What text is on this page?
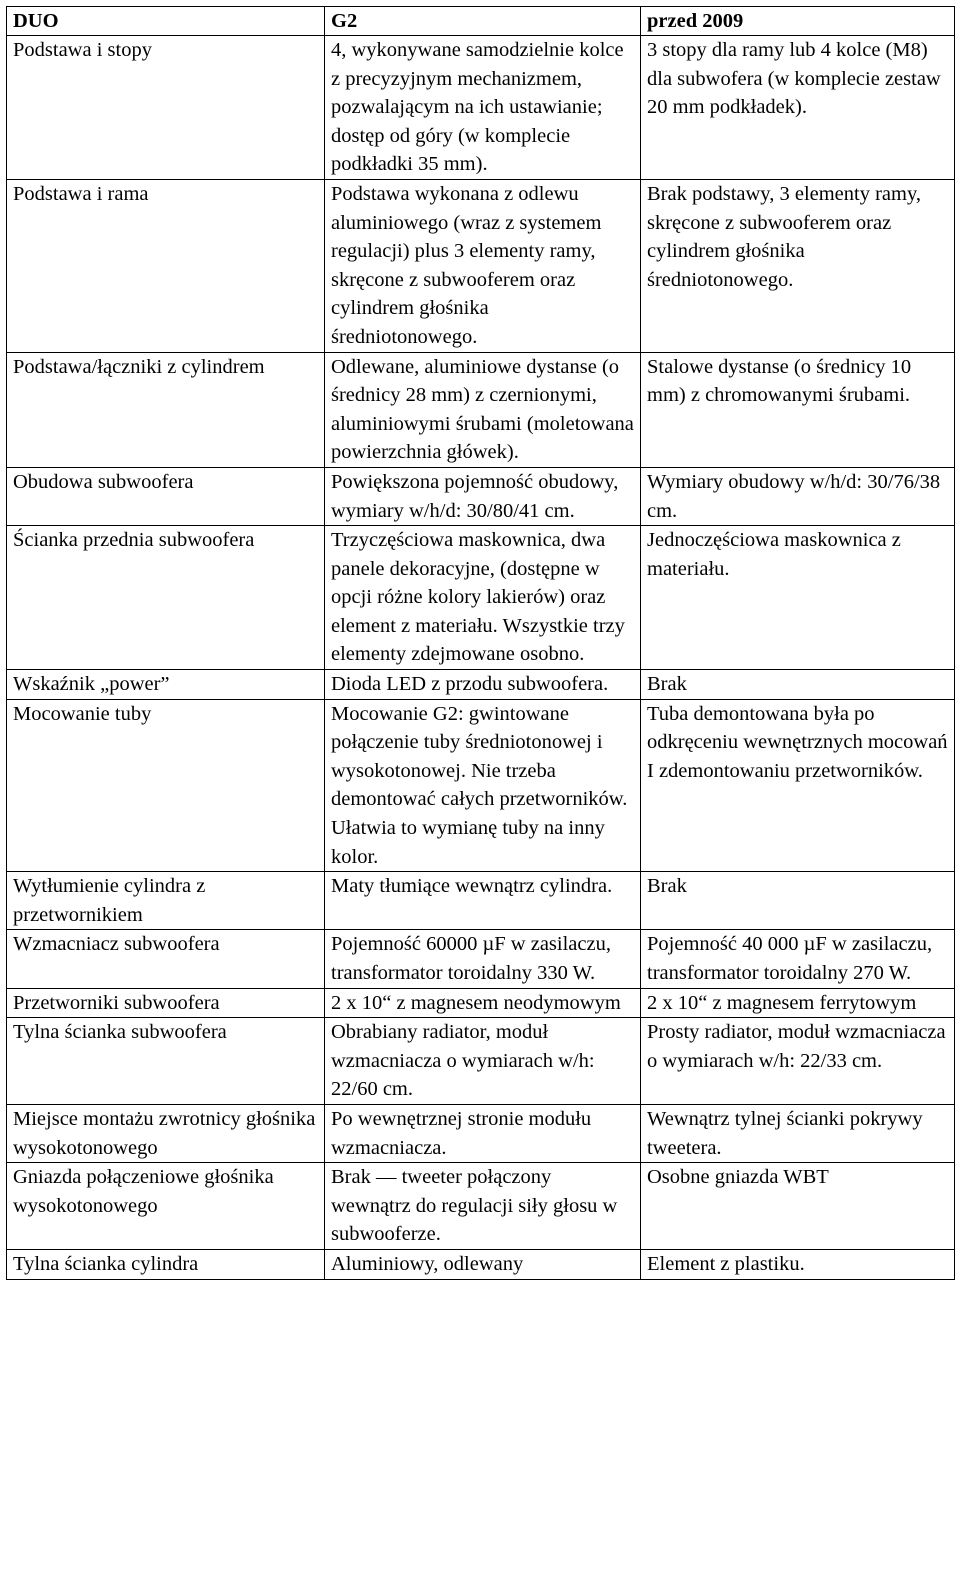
DUO	G2	przed 2009
Podstawa i stopy	4, wykonywane samodzielnie kolce z precyzyjnym mechanizmem, pozwalającym na ich ustawianie; dostęp od góry (w komplecie podkładki 35 mm).	3 stopy dla ramy lub 4 kolce (M8) dla subwofera (w komplecie zestaw 20 mm podkładek).
Podstawa i rama	Podstawa wykonana z odlewu aluminiowego (wraz z systemem regulacji) plus 3 elementy ramy, skręcone z subwooferem oraz cylindrem głośnika średniotonowego.	Brak podstawy, 3 elementy ramy, skręcone z subwooferem oraz cylindrem głośnika średniotonowego.
Podstawa/łączniki z cylindrem	Odlewane, aluminiowe dystanse (o średnicy 28 mm) z czernionymi, aluminiowymi śrubami (moletowana powierzchnia główek).	Stalowe dystanse (o średnicy 10 mm) z chromowanymi śrubami.
Obudowa subwoofera	Powiększona pojemność obudowy, wymiary w/h/d: 30/80/41 cm.	Wymiary obudowy w/h/d: 30/76/38 cm.
Ścianka przednia subwoofera	Trzyczęściowa maskownica, dwa panele dekoracyjne, (dostępne w opcji różne kolory lakierów) oraz element z materiału. Wszystkie trzy elementy zdejmowane osobno.	Jednoczęściowa maskownica z materiału.
Wskaźnik „power”	Dioda LED z przodu subwoofera.	Brak
Mocowanie tuby	Mocowanie G2: gwintowane połączenie tuby średniotonowej i wysokotonowej. Nie trzeba demontować całych przetworników. Ułatwia to wymianę tuby na inny kolor.	Tuba demontowana była po odkręceniu wewnętrznych mocowań I zdemontowaniu przetworników.
Wytłumienie cylindra z przetwornikiem	Maty tłumiące wewnątrz cylindra.	Brak
Wzmacniacz subwoofera	Pojemność 60000 µF w zasilaczu, transformator toroidalny 330 W.	Pojemność 40 000 µF w zasilaczu, transformator toroidalny 270 W.
Przetworniki subwoofera	2 x 10“ z magnesem neodymowym	2 x 10“ z magnesem ferrytowym
Tylna ścianka subwoofera	Obrabiany radiator, moduł wzmacniacza o wymiarach w/h: 22/60 cm.	Prosty radiator, moduł wzmacniacza o wymiarach w/h: 22/33 cm.
Miejsce montażu zwrotnicy głośnika wysokotonowego	Po wewnętrznej stronie modułu wzmacniacza.	Wewnątrz tylnej ścianki pokrywy tweetera.
Gniazda połączeniowe głośnika wysokotonowego	Brak — tweeter połączony wewnątrz do regulacji siły głosu w subwooferze.	Osobne gniazda WBT
Tylna ścianka cylindra	Aluminiowy, odlewany	Element z plastiku.
